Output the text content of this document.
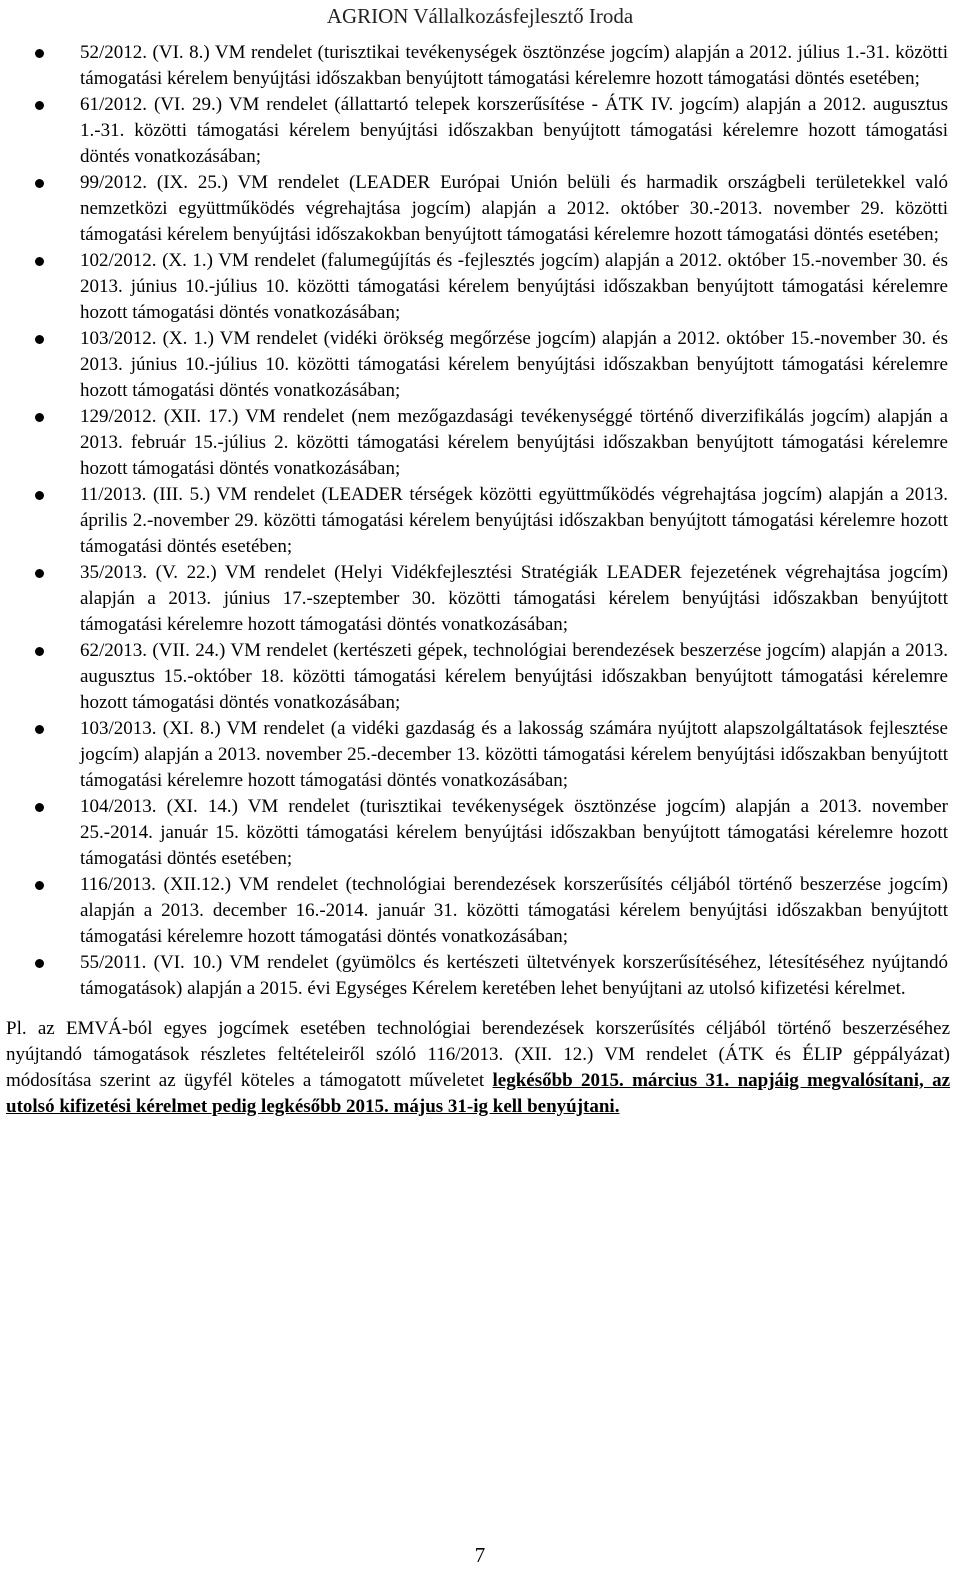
AGRION Vállalkozásfejlesztő Iroda
52/2012. (VI. 8.) VM rendelet (turisztikai tevékenységek ösztönzése jogcím) alapján a 2012. július 1.-31. közötti támogatási kérelem benyújtási időszakban benyújtott támogatási kérelemre hozott támogatási döntés esetében;
61/2012. (VI. 29.) VM rendelet (állattartó telepek korszerűsítése - ÁTK IV. jogcím) alapján a 2012. augusztus 1.-31. közötti támogatási kérelem benyújtási időszakban benyújtott támogatási kérelemre hozott támogatási döntés vonatkozásában;
99/2012. (IX. 25.) VM rendelet (LEADER Európai Unión belüli és harmadik országbeli területekkel való nemzetközi együttműködés végrehajtása jogcím) alapján a 2012. október 30.-2013. november 29. közötti támogatási kérelem benyújtási időszakokban benyújtott támogatási kérelemre hozott támogatási döntés esetében;
102/2012. (X. 1.) VM rendelet (falumegújítás és -fejlesztés jogcím) alapján a 2012. október 15.-november 30. és 2013. június 10.-július 10. közötti támogatási kérelem benyújtási időszakban benyújtott támogatási kérelemre hozott támogatási döntés vonatkozásában;
103/2012. (X. 1.) VM rendelet (vidéki örökség megőrzése jogcím) alapján a 2012. október 15.-november 30. és 2013. június 10.-július 10. közötti támogatási kérelem benyújtási időszakban benyújtott támogatási kérelemre hozott támogatási döntés vonatkozásában;
129/2012. (XII. 17.) VM rendelet (nem mezőgazdasági tevékenységgé történő diverzifikálás jogcím) alapján a 2013. február 15.-július 2. közötti támogatási kérelem benyújtási időszakban benyújtott támogatási kérelemre hozott támogatási döntés vonatkozásában;
11/2013. (III. 5.) VM rendelet (LEADER térségek közötti együttműködés végrehajtása jogcím) alapján a 2013. április 2.-november 29. közötti támogatási kérelem benyújtási időszakban benyújtott támogatási kérelemre hozott támogatási döntés esetében;
35/2013. (V. 22.) VM rendelet (Helyi Vidékfejlesztési Stratégiák LEADER fejezetének végrehajtása jogcím) alapján a 2013. június 17.-szeptember 30. közötti támogatási kérelem benyújtási időszakban benyújtott támogatási kérelemre hozott támogatási döntés vonatkozásában;
62/2013. (VII. 24.) VM rendelet (kertészeti gépek, technológiai berendezések beszerzése jogcím) alapján a 2013. augusztus 15.-október 18. közötti támogatási kérelem benyújtási időszakban benyújtott támogatási kérelemre hozott támogatási döntés vonatkozásában;
103/2013. (XI. 8.) VM rendelet (a vidéki gazdaság és a lakosság számára nyújtott alapszolgáltatások fejlesztése jogcím) alapján a 2013. november 25.-december 13. közötti támogatási kérelem benyújtási időszakban benyújtott támogatási kérelemre hozott támogatási döntés vonatkozásában;
104/2013. (XI. 14.) VM rendelet (turisztikai tevékenységek ösztönzése jogcím) alapján a 2013. november 25.-2014. január 15. közötti támogatási kérelem benyújtási időszakban benyújtott támogatási kérelemre hozott támogatási döntés esetében;
116/2013. (XII.12.) VM rendelet (technológiai berendezések korszerűsítés céljából történő beszerzése jogcím) alapján a 2013. december 16.-2014. január 31. közötti támogatási kérelem benyújtási időszakban benyújtott támogatási kérelemre hozott támogatási döntés vonatkozásában;
55/2011. (VI. 10.) VM rendelet (gyümölcs és kertészeti ültetvények korszerűsítéséhez, létesítéséhez nyújtandó támogatások) alapján a 2015. évi Egységes Kérelem keretében lehet benyújtani az utolsó kifizetési kérelmet.

Pl. az EMVÁ-ból egyes jogcímek esetében technológiai berendezések korszerűsítés céljából történő beszerzéséhez nyújtandó támogatások részletes feltételeiről szóló 116/2013. (XII. 12.) VM rendelet (ÁTK és ÉLIP géppályázat) módosítása szerint az ügyfél köteles a támogatott műveletet legkésőbb 2015. március 31. napjáig megvalósítani, az utolsó kifizetési kérelmet pedig legkésőbb 2015. május 31-ig kell benyújtani.

7
